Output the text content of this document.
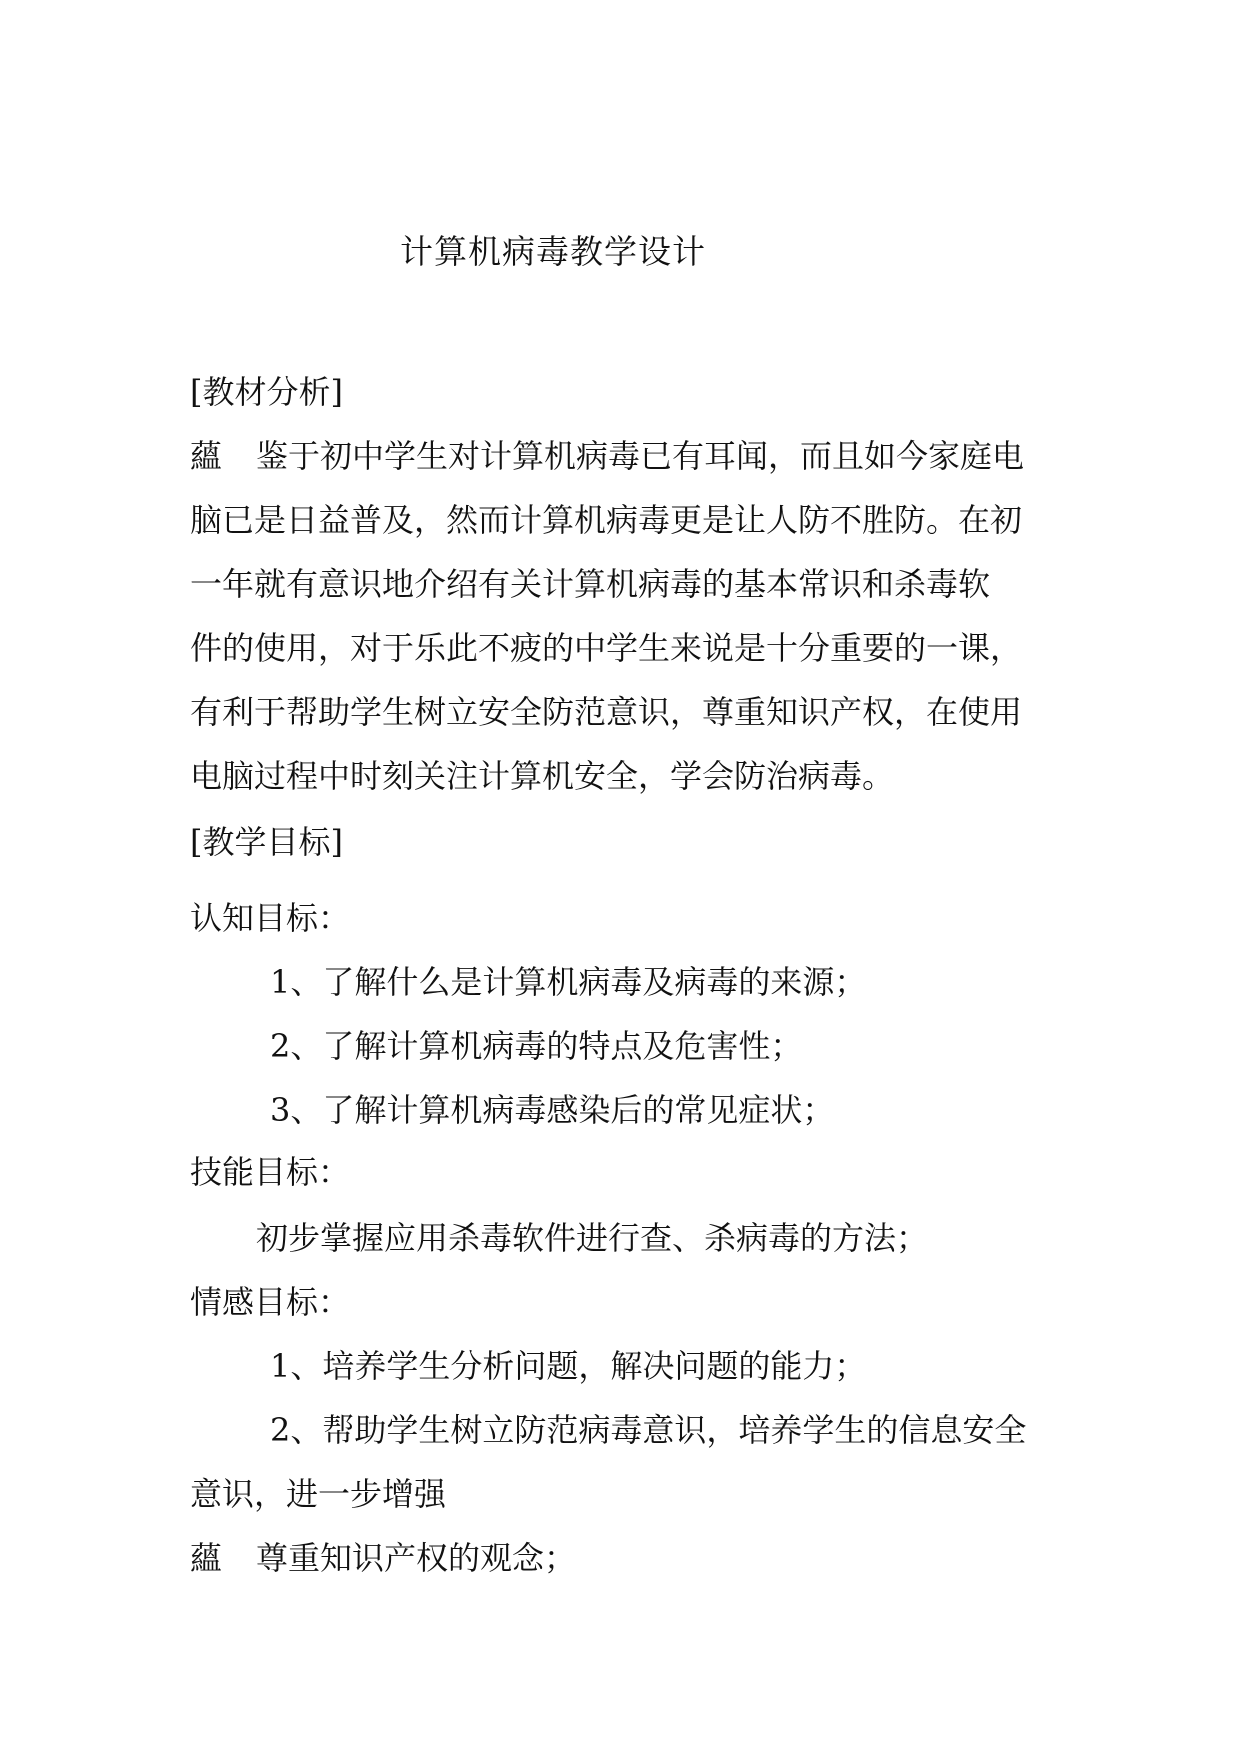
计算机病毒教学设计
[教材分析]
蘊 鉴于初中学生对计算机病毒已有耳闻，而且如今家庭电
脑已是日益普及，然而计算机病毒更是让人防不胜防。在初
一年就有意识地介绍有关计算机病毒的基本常识和杀毒软
件的使用，对于乐此不疲的中学生来说是十分重要的一课，
有利于帮助学生树立安全防范意识，尊重知识产权，在使用
电脑过程中时刻关注计算机安全，学会防治病毒。
[教学目标]
认知目标：
1、了解什么是计算机病毒及病毒的来源；
2、了解计算机病毒的特点及危害性；
3、了解计算机病毒感染后的常见症状；
技能目标：
初步掌握应用杀毒软件进行查、杀病毒的方法；
情感目标：
1、培养学生分析问题，解决问题的能力；
2、帮助学生树立防范病毒意识，培养学生的信息安全
意识，进一步增强
蘊 尊重知识产权的观念；
